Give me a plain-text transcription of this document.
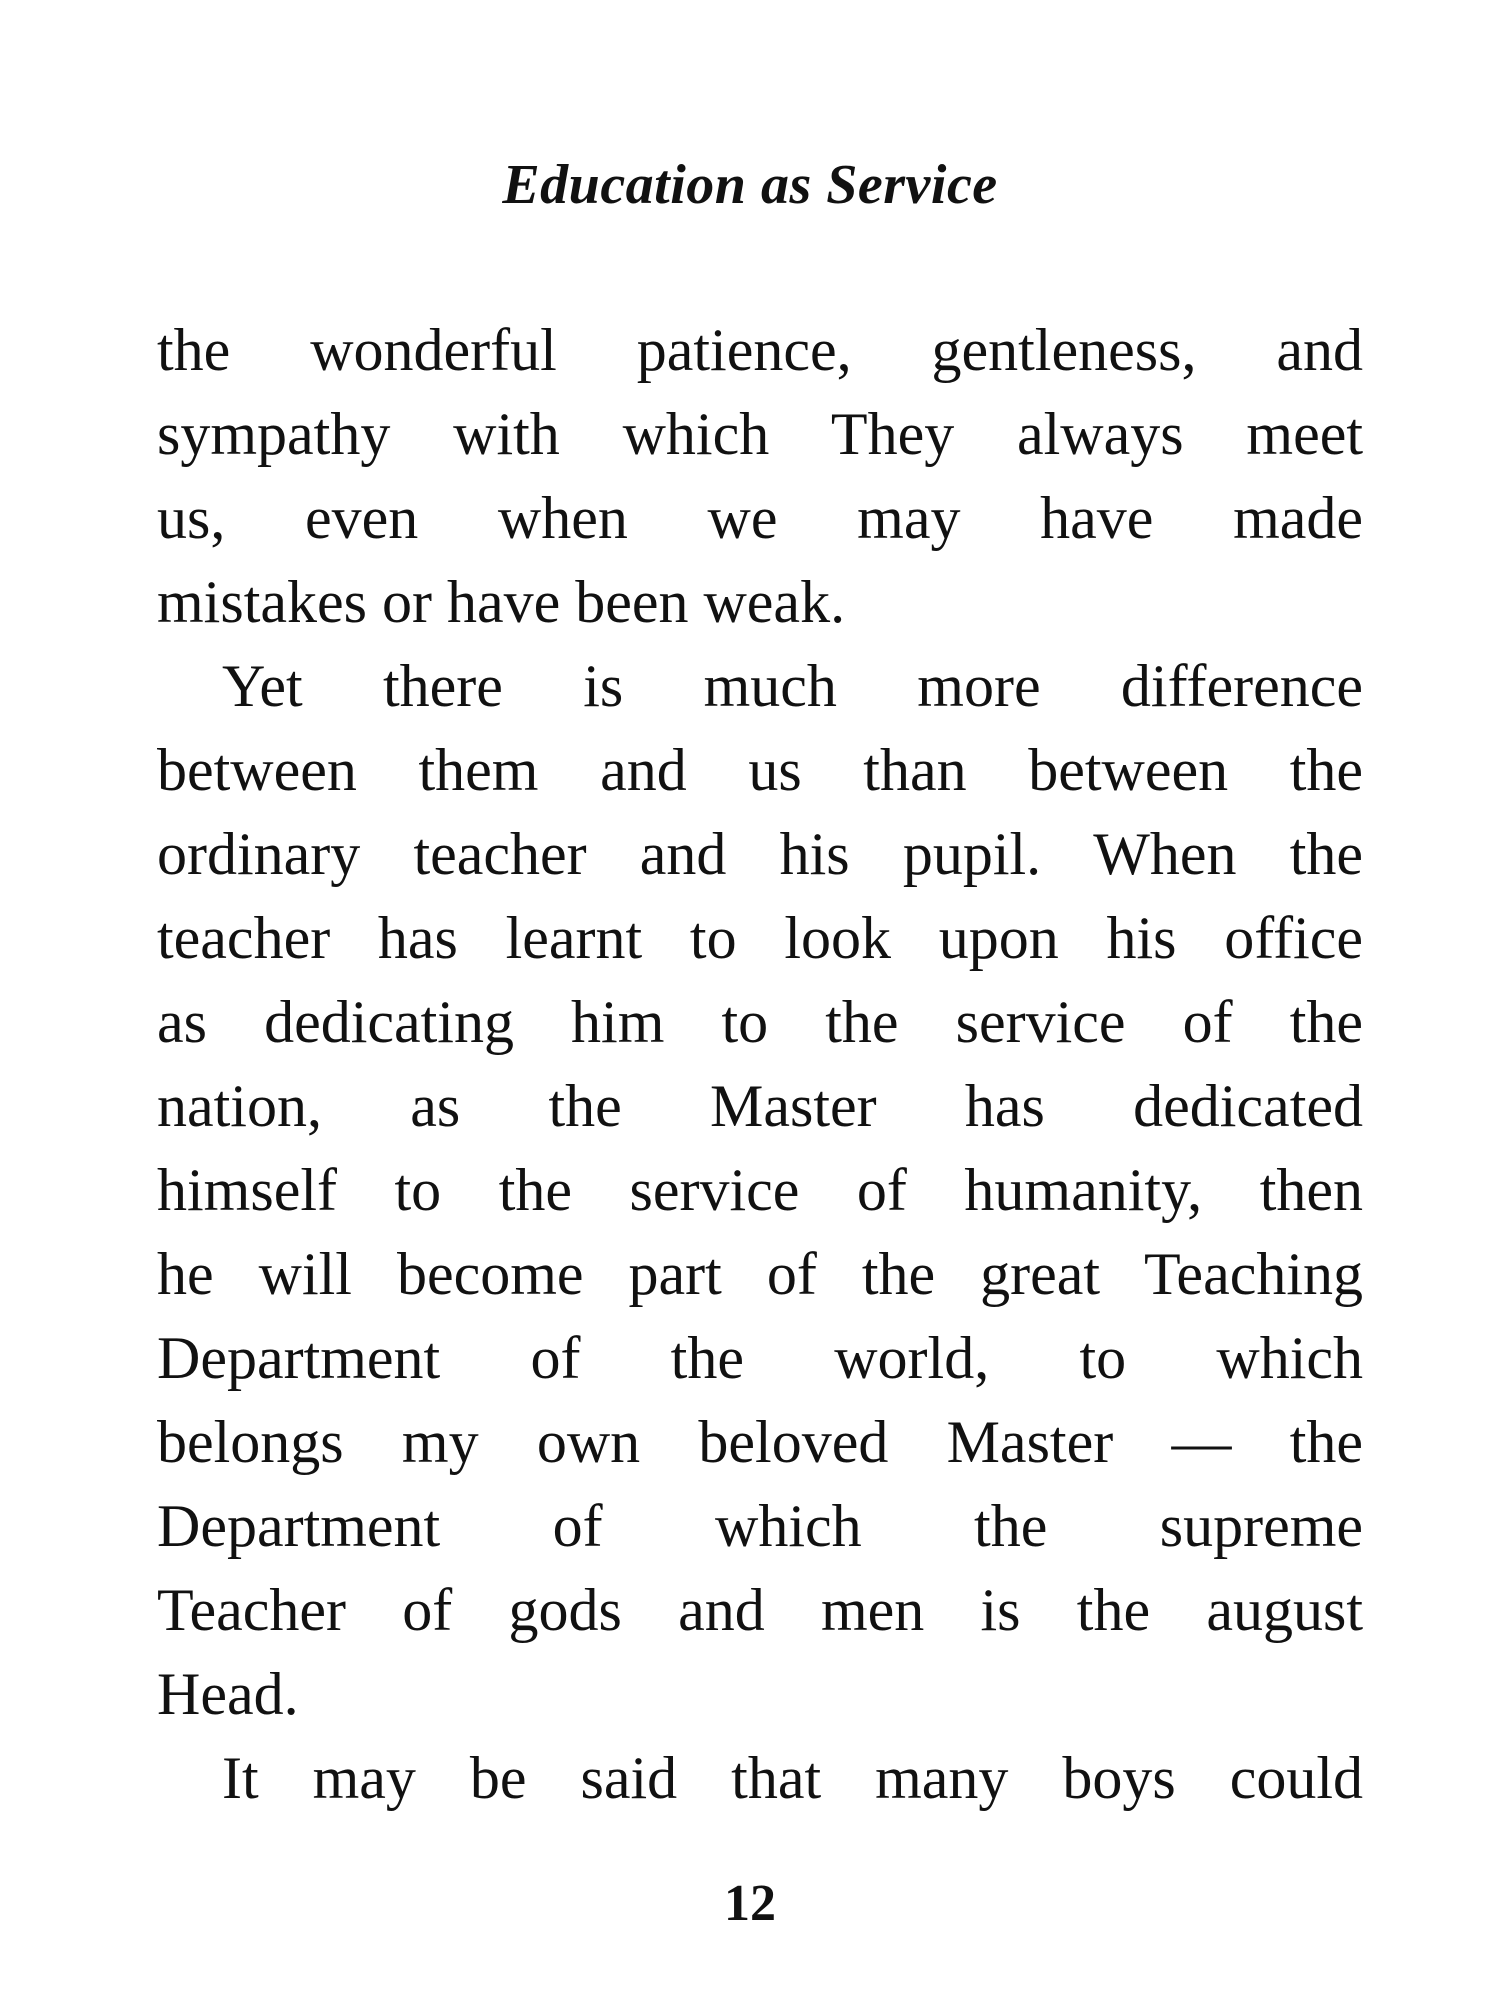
Education as Service
the wonderful patience, gentleness, and
sympathy with which They always meet
us, even when we may have made
mistakes or have been weak.
Yet there is much more difference
between them and us than between the
ordinary teacher and his pupil. When the
teacher has learnt to look upon his office
as dedicating him to the service of the
nation, as the Master has dedicated
himself to the service of humanity, then
he will become part of the great Teaching
Department of the world, to which
belongs my own beloved Master — the
Department of which the supreme
Teacher of gods and men is the august
Head.
It may be said that many boys could
12
